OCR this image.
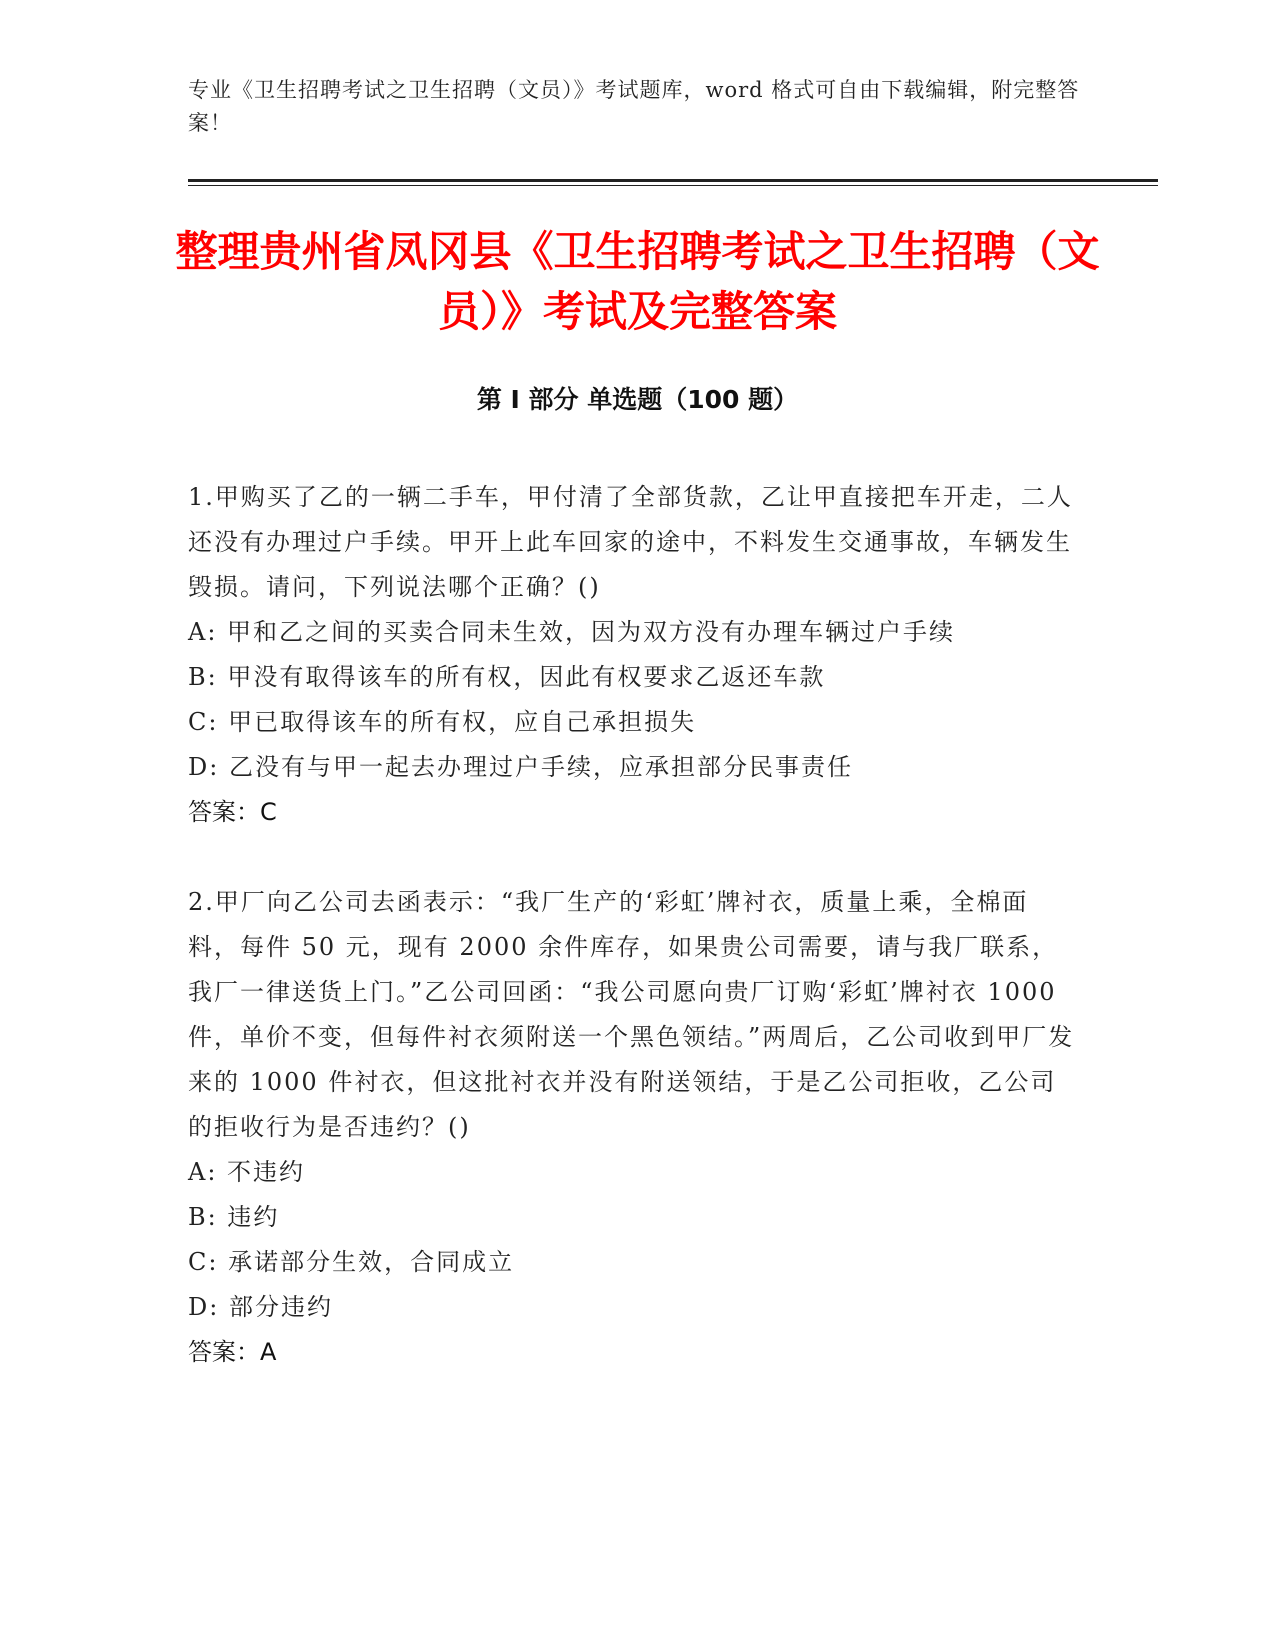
专业《卫生招聘考试之卫生招聘（文员）》考试题库，word 格式可自由下载编辑，附完整答案！
整理贵州省凤冈县《卫生招聘考试之卫生招聘（文员）》考试及完整答案
第 I 部分 单选题（100 题）

1.甲购买了乙的一辆二手车，甲付清了全部货款，乙让甲直接把车开走，二人还没有办理过户手续。甲开上此车回家的途中，不料发生交通事故，车辆发生毁损。请问，下列说法哪个正确？()

A: 甲和乙之间的买卖合同未生效，因为双方没有办理车辆过户手续

B: 甲没有取得该车的所有权，因此有权要求乙返还车款

C: 甲已取得该车的所有权，应自己承担损失

D: 乙没有与甲一起去办理过户手续，应承担部分民事责任

答案：C

2.甲厂向乙公司去函表示：“我厂生产的‘彩虹’牌衬衣，质量上乘，全棉面料，每件 50 元，现有 2000 余件库存，如果贵公司需要，请与我厂联系，我厂一律送货上门。”乙公司回函：“我公司愿向贵厂订购‘彩虹’牌衬衣 1000 件，单价不变，但每件衬衣须附送一个黑色领结。”两周后，乙公司收到甲厂发来的 1000 件衬衣，但这批衬衣并没有附送领结，于是乙公司拒收，乙公司的拒收行为是否违约？()

A: 不违约

B: 违约

C: 承诺部分生效，合同成立

D: 部分违约

答案：A
